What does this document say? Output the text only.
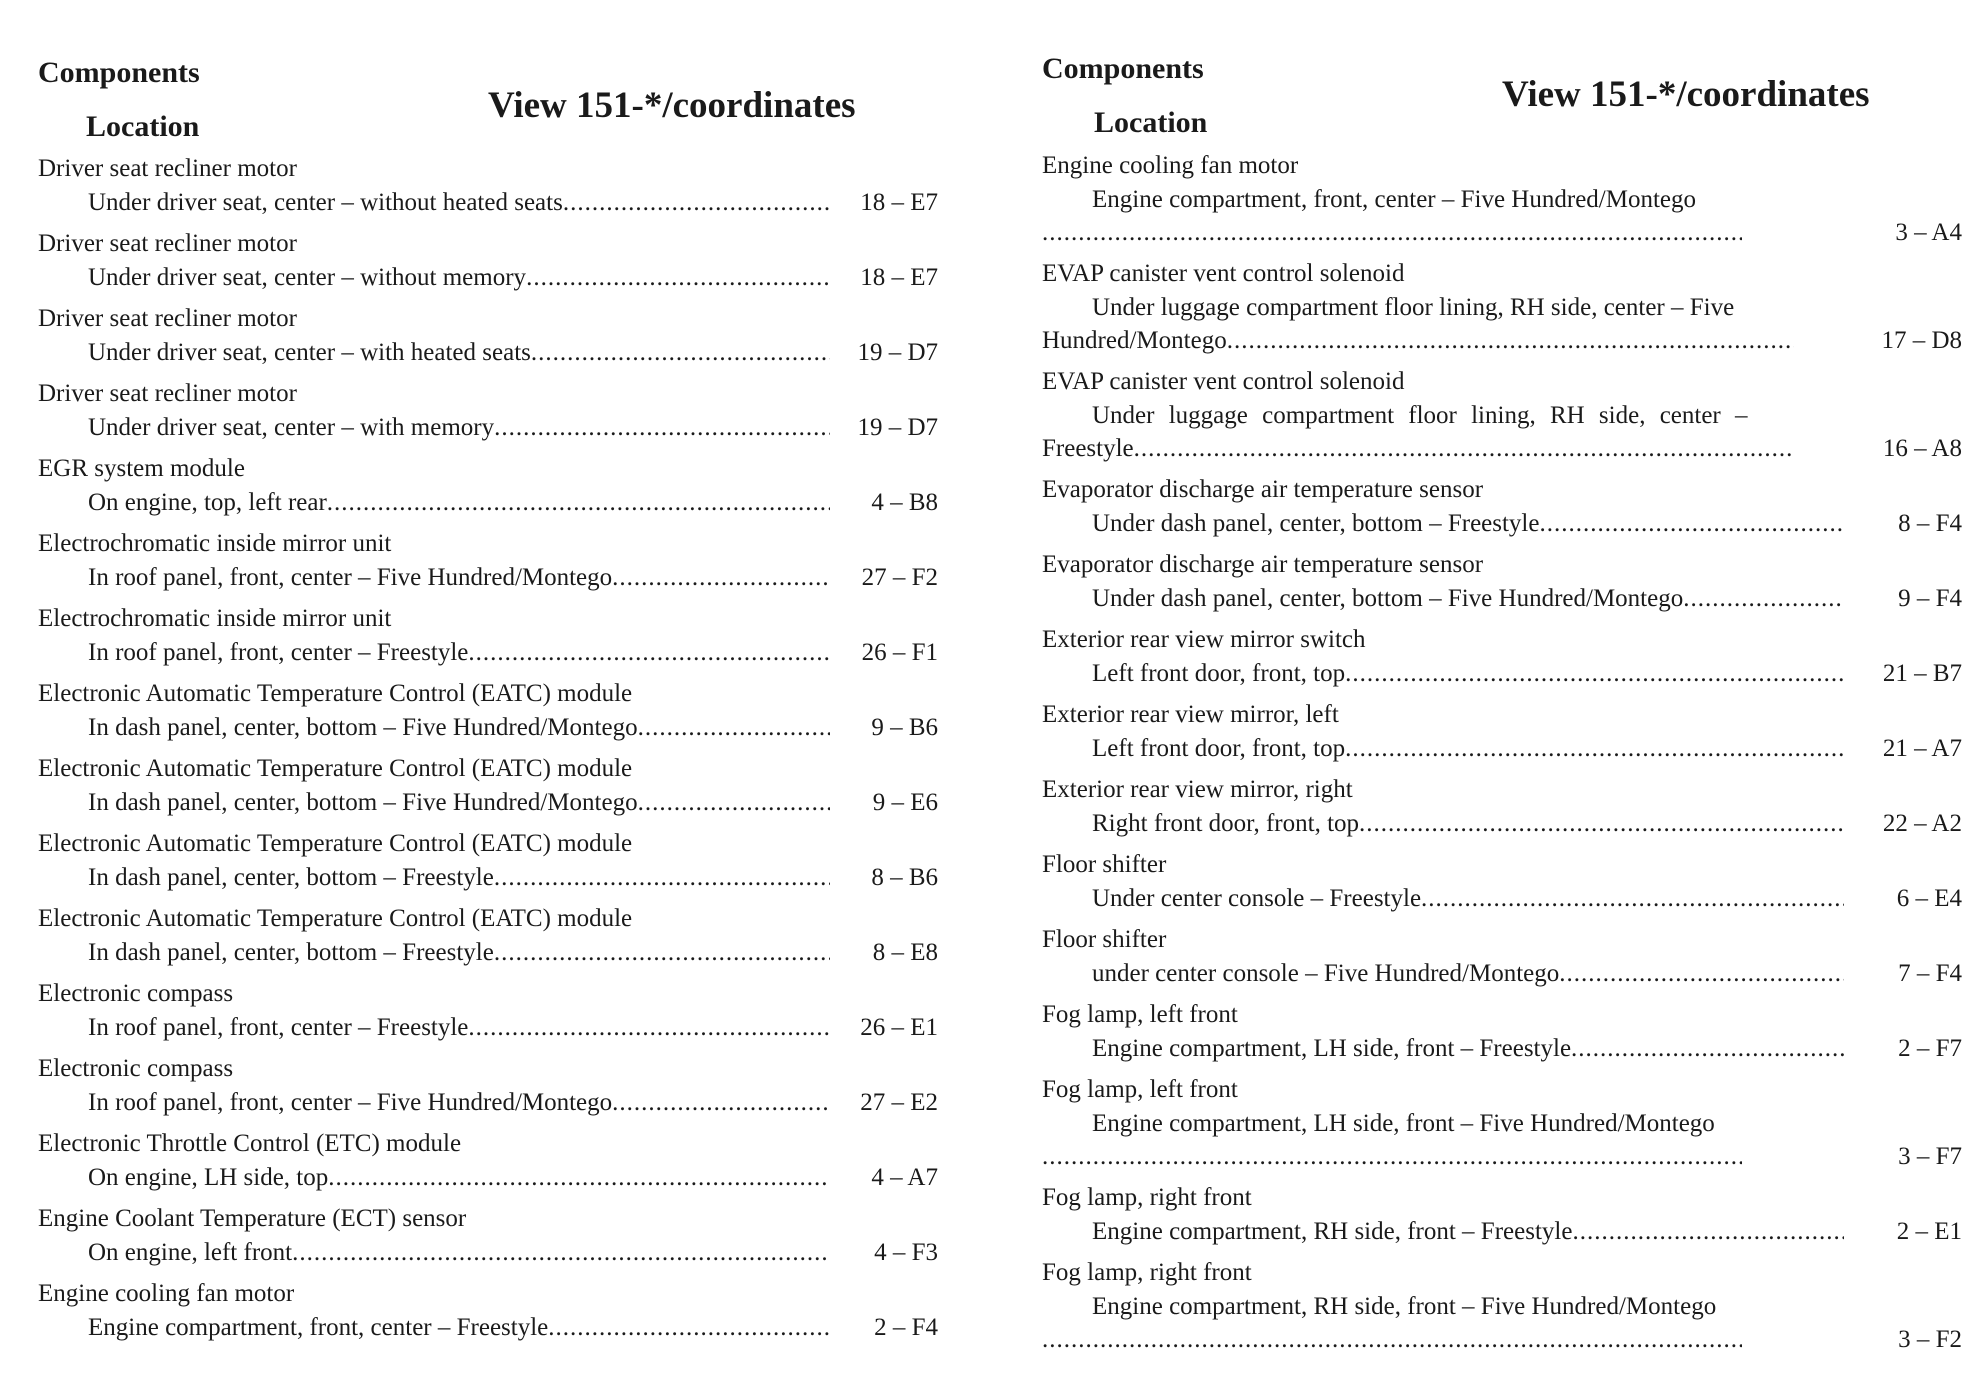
Components
Location
View 151-*/coordinates
Driver seat recliner motor
Under driver seat, center – without heated seats .....	18 – E7
Driver seat recliner motor
Under driver seat, center – without memory .....	18 – E7
Driver seat recliner motor
Under driver seat, center – with heated seats .....	19 – D7
Driver seat recliner motor
Under driver seat, center – with memory .....	19 – D7
EGR system module
On engine, top, left rear .....	4 – B8
Electrochromatic inside mirror unit
In roof panel, front, center – Five Hundred/Montego .....	27 – F2
Electrochromatic inside mirror unit
In roof panel, front, center – Freestyle .....	26 – F1
Electronic Automatic Temperature Control (EATC) module
In dash panel, center, bottom – Five Hundred/Montego .....	9 – B6
Electronic Automatic Temperature Control (EATC) module
In dash panel, center, bottom – Five Hundred/Montego .....	9 – E6
Electronic Automatic Temperature Control (EATC) module
In dash panel, center, bottom – Freestyle .....	8 – B6
Electronic Automatic Temperature Control (EATC) module
In dash panel, center, bottom – Freestyle .....	8 – E8
Electronic compass
In roof panel, front, center – Freestyle .....	26 – E1
Electronic compass
In roof panel, front, center – Five Hundred/Montego .....	27 – E2
Electronic Throttle Control (ETC) module
On engine, LH side, top .....	4 – A7
Engine Coolant Temperature (ECT) sensor
On engine, left front .....	4 – F3
Engine cooling fan motor
Engine compartment, front, center – Freestyle .....	2 – F4
Components
Location
View 151-*/coordinates
Engine cooling fan motor
Engine compartment, front, center – Five Hundred/Montego
.....
3 – A4
EVAP canister vent control solenoid
Under luggage compartment floor lining, RH side, center – Five
Hundred/Montego .....	17 – D8
EVAP canister vent control solenoid
Under luggage compartment floor lining, RH side, center –
Freestyle .....	16 – A8
Evaporator discharge air temperature sensor
Under dash panel, center, bottom – Freestyle .....	8 – F4
Evaporator discharge air temperature sensor
Under dash panel, center, bottom – Five Hundred/Montego .....	9 – F4
Exterior rear view mirror switch
Left front door, front, top .....	21 – B7
Exterior rear view mirror, left
Left front door, front, top .....	21 – A7
Exterior rear view mirror, right
Right front door, front, top .....	22 – A2
Floor shifter
Under center console – Freestyle .....	6 – E4
Floor shifter
under center console – Five Hundred/Montego .....	7 – F4
Fog lamp, left front
Engine compartment, LH side, front – Freestyle .....	2 – F7
Fog lamp, left front
Engine compartment, LH side, front – Five Hundred/Montego
.....
3 – F7
Fog lamp, right front
Engine compartment, RH side, front – Freestyle .....	2 – E1
Fog lamp, right front
Engine compartment, RH side, front – Five Hundred/Montego
.....
3 – F2
